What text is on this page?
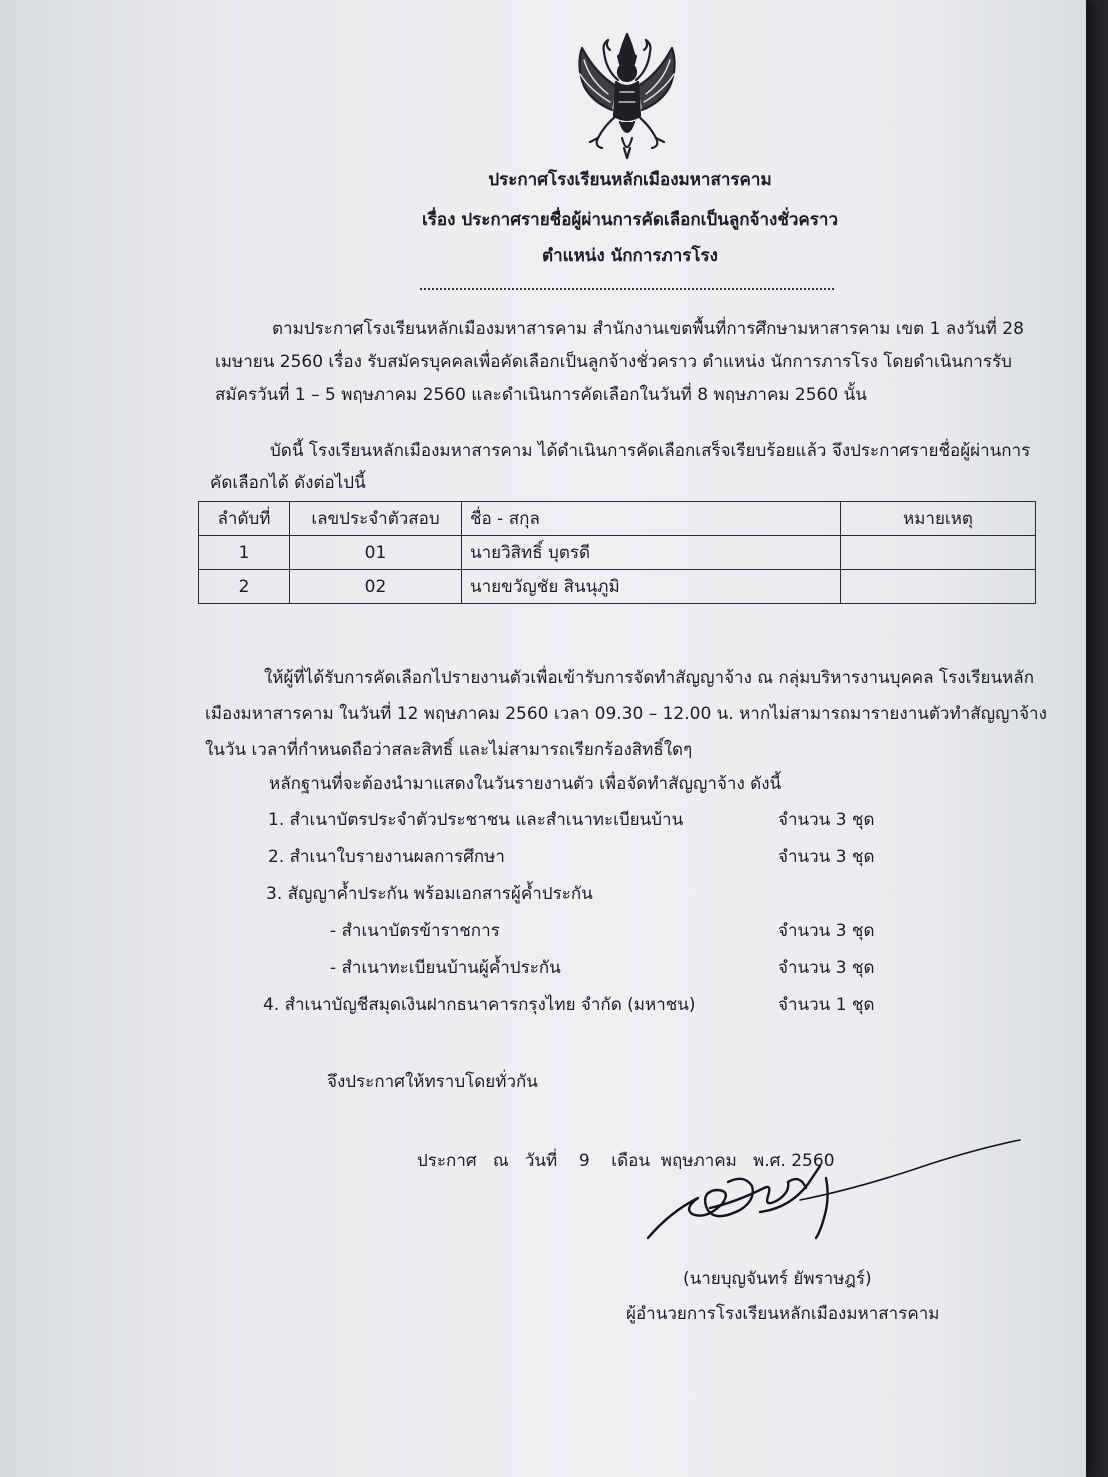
ประกาศโรงเรียนหลักเมืองมหาสารคาม
เรื่อง ประกาศรายชื่อผู้ผ่านการคัดเลือกเป็นลูกจ้างชั่วคราว
ตำแหน่ง นักการภารโรง
ตามประกาศโรงเรียนหลักเมืองมหาสารคาม สำนักงานเขตพื้นที่การศึกษามหาสารคาม เขต 1 ลงวันที่ 28
เมษายน 2560 เรื่อง รับสมัครบุคคลเพื่อคัดเลือกเป็นลูกจ้างชั่วคราว ตำแหน่ง นักการภารโรง โดยดำเนินการรับ
สมัครวันที่ 1 – 5 พฤษภาคม 2560 และดำเนินการคัดเลือกในวันที่ 8 พฤษภาคม 2560 นั้น
บัดนี้ โรงเรียนหลักเมืองมหาสารคาม ได้ดำเนินการคัดเลือกเสร็จเรียบร้อยแล้ว จึงประกาศรายชื่อผู้ผ่านการ
คัดเลือกได้ ดังต่อไปนี้
ลำดับที่	เลขประจำตัวสอบ	ชื่อ - สกุล	หมายเหตุ
1	01	นายวิสิทธิ์ บุตรดี	
2	02	นายขวัญชัย สินนุภูมิ	
ให้ผู้ที่ได้รับการคัดเลือกไปรายงานตัวเพื่อเข้ารับการจัดทำสัญญาจ้าง ณ กลุ่มบริหารงานบุคคล โรงเรียนหลัก
เมืองมหาสารคาม ในวันที่ 12 พฤษภาคม 2560 เวลา 09.30 – 12.00 น. หากไม่สามารถมารายงานตัวทำสัญญาจ้าง
ในวัน เวลาที่กำหนดถือว่าสละสิทธิ์ และไม่สามารถเรียกร้องสิทธิ์ใดๆ
หลักฐานที่จะต้องนำมาแสดงในวันรายงานตัว เพื่อจัดทำสัญญาจ้าง ดังนี้
1. สำเนาบัตรประจำตัวประชาชน และสำเนาทะเบียนบ้าน	จำนวน 3 ชุด
2. สำเนาใบรายงานผลการศึกษา	จำนวน 3 ชุด
3. สัญญาค้ำประกัน พร้อมเอกสารผู้ค้ำประกัน
- สำเนาบัตรข้าราชการ	จำนวน 3 ชุด
- สำเนาทะเบียนบ้านผู้ค้ำประกัน	จำนวน 3 ชุด
4. สำเนาบัญชีสมุดเงินฝากธนาคารกรุงไทย จำกัด (มหาชน)	จำนวน 1 ชุด
จึงประกาศให้ทราบโดยทั่วกัน
ประกาศ   ณ   วันที่    9    เดือน  พฤษภาคม   พ.ศ. 2560
(นายบุญจันทร์ ยัพราษฎร์)
ผู้อำนวยการโรงเรียนหลักเมืองมหาสารคาม
